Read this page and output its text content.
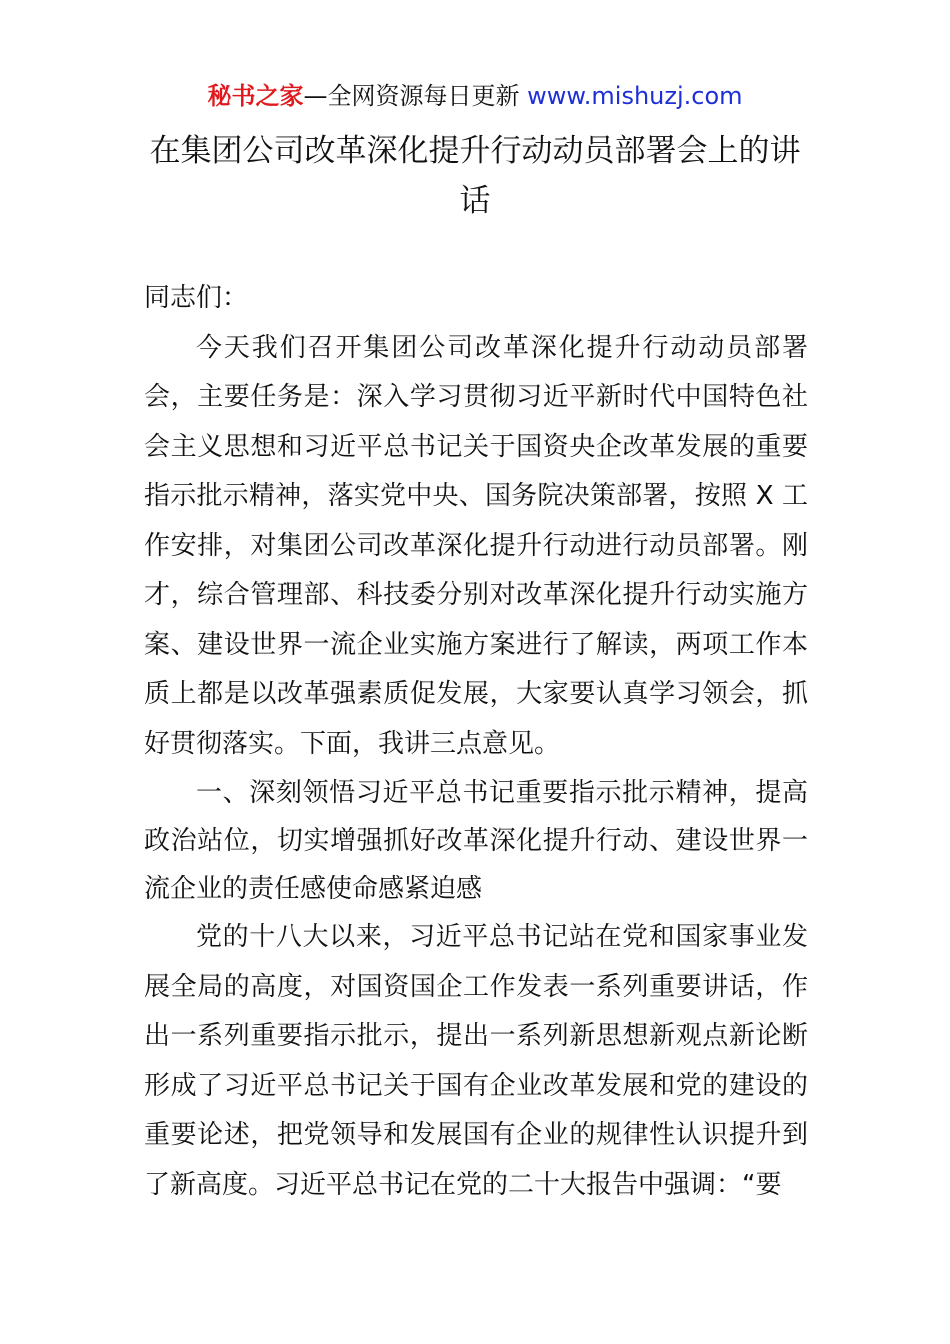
秘书之家—全网资源每日更新 www.mishuzj.com
在集团公司改革深化提升行动动员部署会上的讲话

同志们：

今天我们召开集团公司改革深化提升行动动员部署会，主要任务是：深入学习贯彻习近平新时代中国特色社会主义思想和习近平总书记关于国资央企改革发展的重要指示批示精神，落实党中央、国务院决策部署，按照 X 工作安排，对集团公司改革深化提升行动进行动员部署。刚才，综合管理部、科技委分别对改革深化提升行动实施方案、建设世界一流企业实施方案进行了解读，两项工作本质上都是以改革强素质促发展，大家要认真学习领会，抓好贯彻落实。下面，我讲三点意见。

一、深刻领悟习近平总书记重要指示批示精神，提高政治站位，切实增强抓好改革深化提升行动、建设世界一流企业的责任感使命感紧迫感

党的十八大以来，习近平总书记站在党和国家事业发展全局的高度，对国资国企工作发表一系列重要讲话，作出一系列重要指示批示，提出一系列新思想新观点新论断形成了习近平总书记关于国有企业改革发展和党的建设的重要论述，把党领导和发展国有企业的规律性认识提升到了新高度。习近平总书记在党的二十大报告中强调：“要
